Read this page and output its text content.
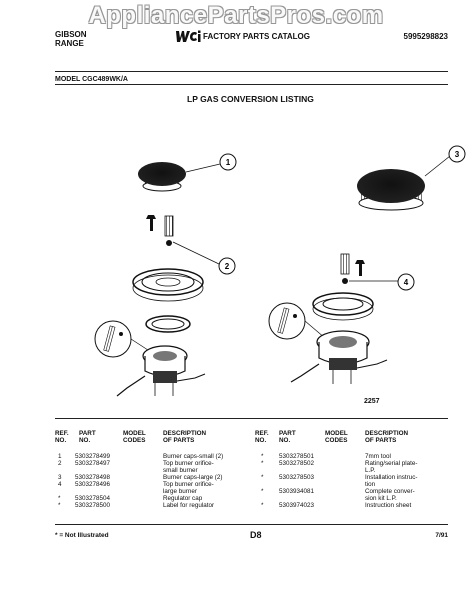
AppliancePartsPros.com
GIBSON
RANGE
FACTORY PARTS CATALOG	5995298823
MODEL CGC489WK/A
LP GAS CONVERSION LISTING
1
2
3
4
2257
REF.
NO.
PART
NO.
MODEL
CODES
DESCRIPTION
OF PARTS
1 5303278499	Burner caps-small (2)
2 5303278497	Top burner orifice-
small burner
3 5303278498	Burner caps-large (2)
4 5303278496	Top burner orifice-
large burner
* 5303278504	Regulator cap
* 5303278500	Label for regulator
REF.
NO.
PART
NO.
MODEL
CODES
DESCRIPTION
OF PARTS
* 5303278501	7mm tool
* 5303278502	Rating/serial plate-
L.P.
* 5303278503	Installation instruc-
tion
* 5303934081	Complete conver-
sion kit L.P.
* 5303974023	Instruction sheet
* = Not Illustrated	D8	7/91
